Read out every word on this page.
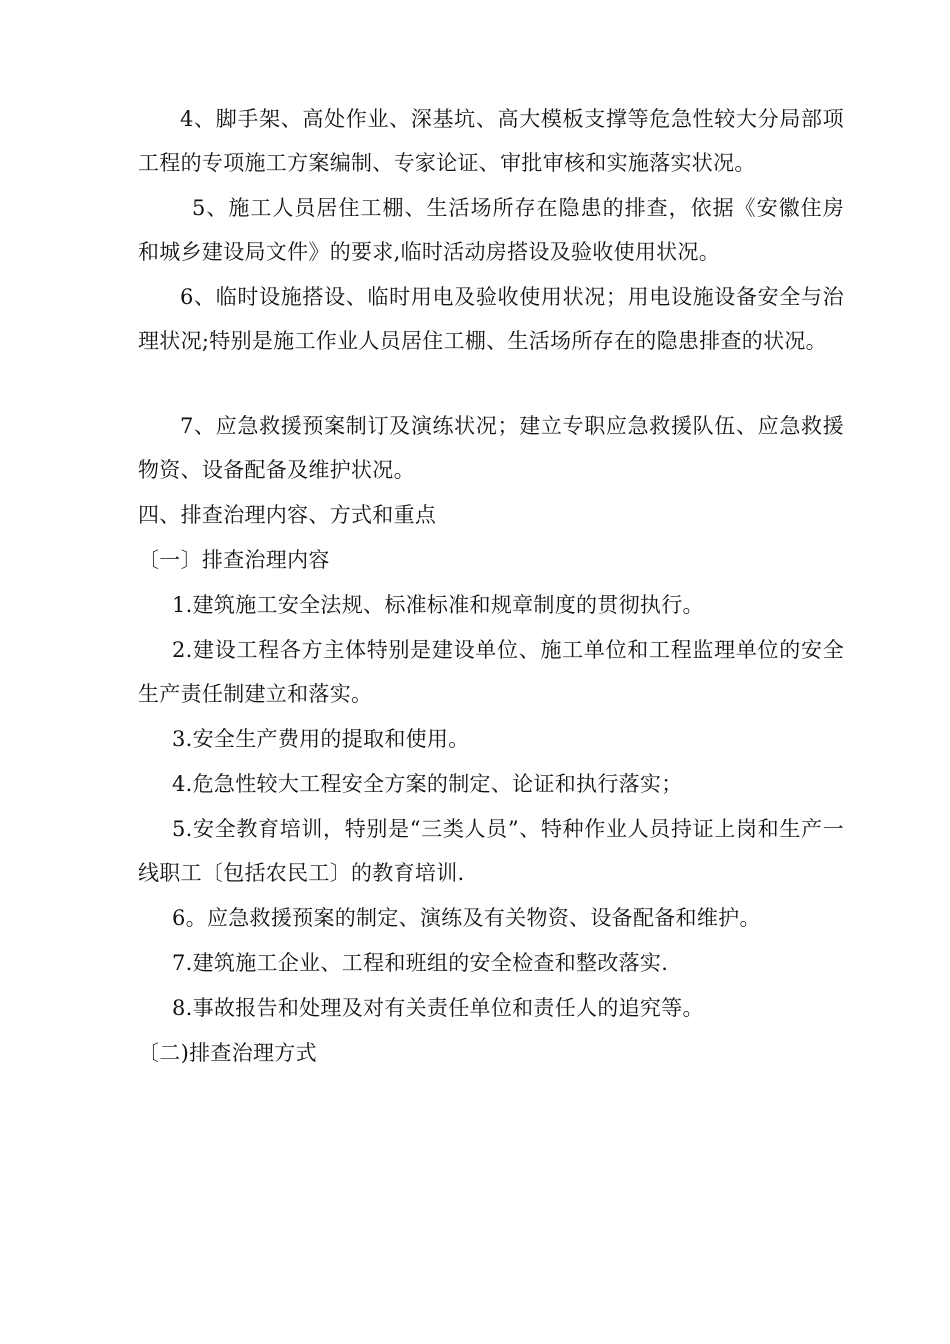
4、脚手架、高处作业、深基坑、高大模板支撑等危急性较大分局部项工程的专项施工方案编制、专家论证、审批审核和实施落实状况。

5、施工人员居住工棚、生活场所存在隐患的排查，依据《安徽住房和城乡建设局文件》的要求,临时活动房搭设及验收使用状况。

6、临时设施搭设、临时用电及验收使用状况；用电设施设备安全与治理状况;特别是施工作业人员居住工棚、生活场所存在的隐患排查的状况。

7、应急救援预案制订及演练状况；建立专职应急救援队伍、应急救援物资、设备配备及维护状况。

四、排查治理内容、方式和重点

〔一〕排查治理内容

1.建筑施工安全法规、标准标准和规章制度的贯彻执行。

2.建设工程各方主体特别是建设单位、施工单位和工程监理单位的安全生产责任制建立和落实。

3.安全生产费用的提取和使用。

4.危急性较大工程安全方案的制定、论证和执行落实；

5.安全教育培训，特别是“三类人员”、特种作业人员持证上岗和生产一线职工〔包括农民工〕的教育培训.

6。应急救援预案的制定、演练及有关物资、设备配备和维护。

7.建筑施工企业、工程和班组的安全检查和整改落实.

8.事故报告和处理及对有关责任单位和责任人的追究等。

〔二)排查治理方式
